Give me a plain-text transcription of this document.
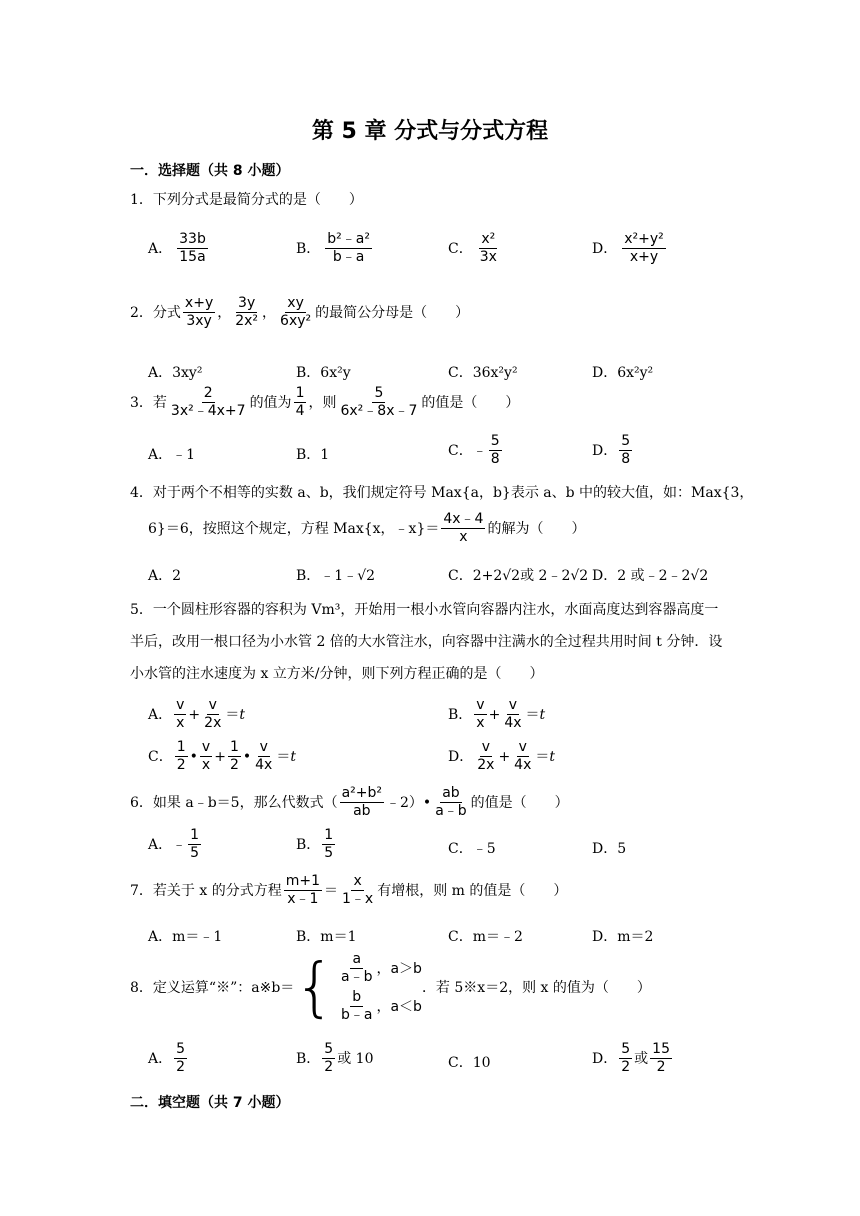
第 5 章 分式与分式方程
一．选择题（共 8 小题）
1．下列分式是最简分式的是（　　）
A． $\frac{33b}{15a}$	B． $\frac{\text{b²﹣a²}}{b﹣a}$	C． $\frac{\text{x²}}{3x}$	D． $\frac{\text{x²+y²}}{x+y}$
2．分式 $\frac{x+y}{3xy}$ ， $\frac{3y}{\text{2x²}}$ ， $\frac{xy}{\text{6xy²}}$ 的最简公分母是（　　）
A．3xy²	B．6x²y	C．36x²y²	D．6x²y²
3．若 $\frac{2}{\text{3x²﹣4x+7}}$ 的值为 $\frac{1}{4}$ ，则 $\frac{5}{\text{6x²﹣8x﹣7}}$ 的值是（　　）
A．﹣1	B．1	C．﹣ $\frac{5}{8}$	D． $\frac{5}{8}$
4．对于两个不相等的实数 a、b，我们规定符号 Max{a，b}表示 a、b 中的较大值，如：Max{3，
6}＝6，按照这个规定，方程 Max{x，﹣x}＝ $\frac{4x﹣4}{x}$ 的解为（　　）
A．2	B．﹣1﹣√2	C．2+2√2或 2﹣2√2 D．2 或﹣2﹣2√2
5．一个圆柱形容器的容积为 Vm³，开始用一根小水管向容器内注水，水面高度达到容器高度一半后，改用一根口径为小水管 2 倍的大水管注水，向容器中注满水的全过程共用时间 t 分钟．设小水管的注水速度为 x 立方米/分钟，则下列方程正确的是（　　）
A． $\frac{v}{x} + \frac{v}{2x} =t$	B． $\frac{v}{x} + \frac{v}{4x} =t$
C． $\frac{1}{2}$ • $\frac{v}{x} + \frac{1}{2}$ • $\frac{v}{4x} =t$	D． $\frac{v}{2x} + \frac{v}{4x} =t$
6．如果 a﹣b＝5，那么代数式（ $\frac{\text{a²+b²}}{ab}$ ﹣2）• $\frac{ab}{a﹣b}$ 的值是（　　）
A．﹣ $\frac{1}{5}$	B． $\frac{1}{5}$	C．﹣5	D．5
7．若关于 x 的分式方程 $\frac{m+1}{x﹣1} = \frac{x}{1﹣x}$ 有增根，则 m 的值是（　　）
A．m＝﹣1	B．m＝1	C．m＝﹣2	D．m＝2
8．定义运算“※”：a※b＝ { $\frac{a}{a﹣b}$ ，a＞b
$\frac{b}{b﹣a}$ ，a＜b
．若 5※x＝2，则 x 的值为（　　）
A． $\frac{5}{2}$	B． $\frac{5}{2}$ 或 10	C．10	D． $\frac{5}{2}$ 或 $\frac{15}{2}$
二．填空题（共 7 小题）
